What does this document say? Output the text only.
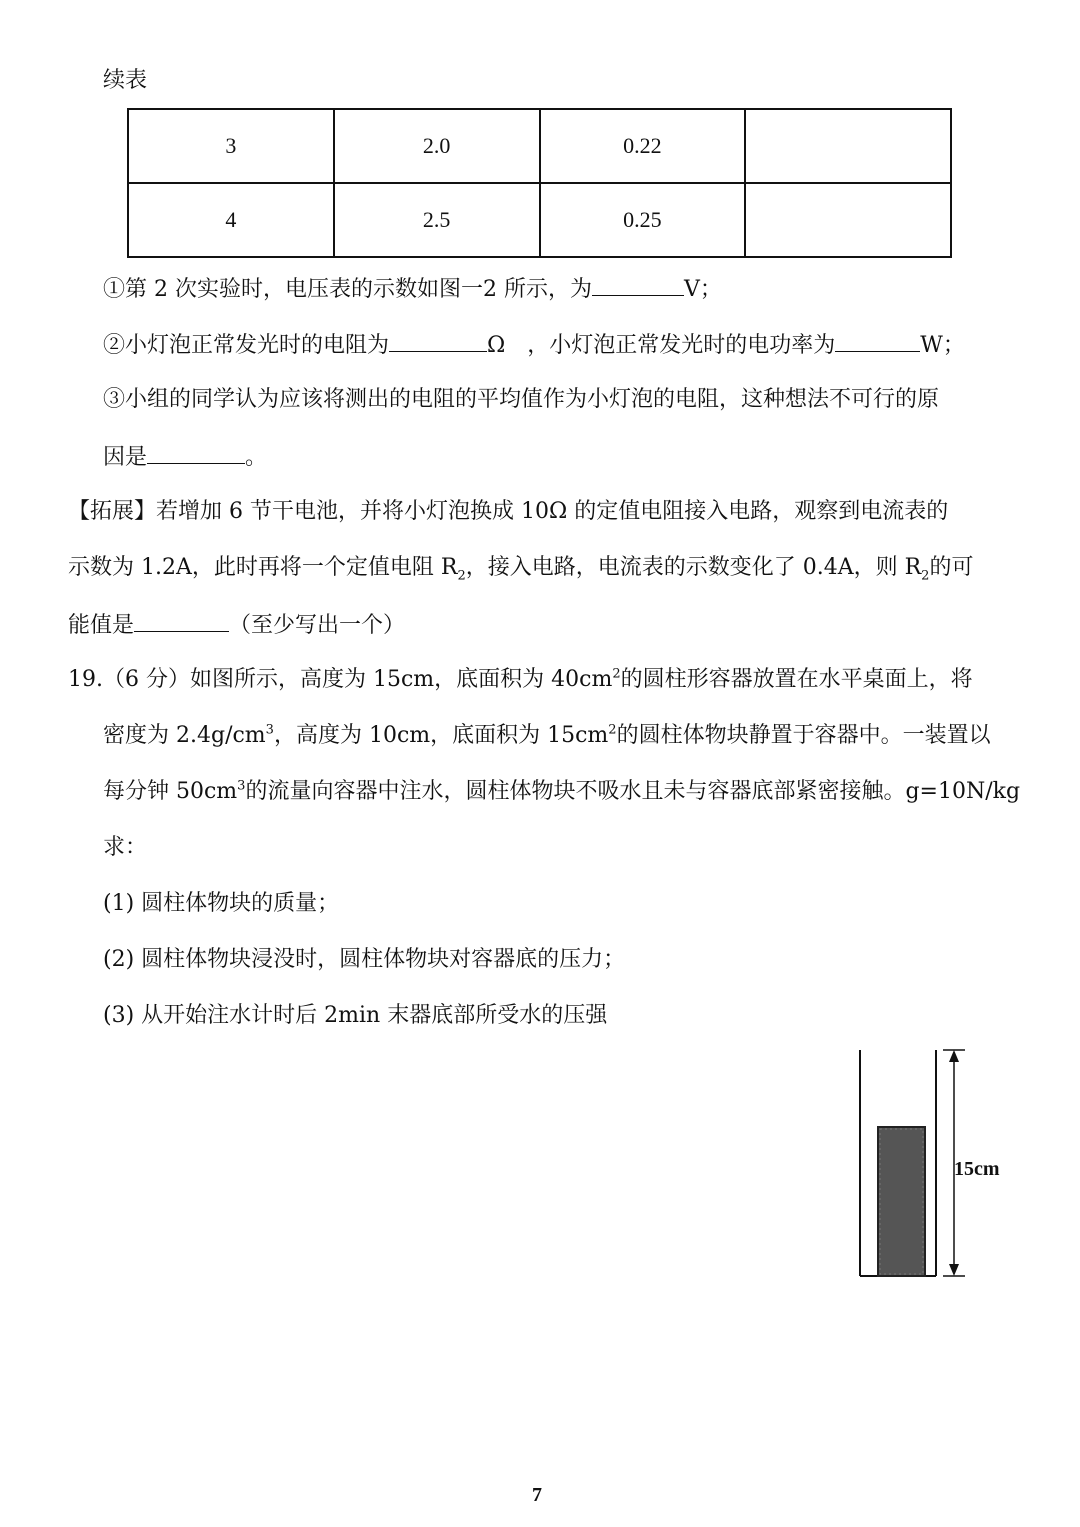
续表
3	2.0	0.22	
4	2.5	0.25	
①第 2 次实验时，电压表的示数如图一2 所示，为	V；
②小灯泡正常发光时的电阻为	Ω　，小灯泡正常发光时的电功率为	W；
③小组的同学认为应该将测出的电阻的平均值作为小灯泡的电阻，这种想法不可行的原
因是	。
【拓展】若增加 6 节干电池，并将小灯泡换成 10Ω 的定值电阻接入电路，观察到电流表的
示数为 1.2A，此时再将一个定值电阻 $R_2$，接入电路，电流表的示数变化了 0.4A，则 $R_2$的可
能值是	（至少写出一个）
19.（6 分）如图所示，高度为 15cm，底面积为 $40cm^2$的圆柱形容器放置在水平桌面上，将
密度为 $2.4g/cm^3$，高度为 10cm，底面积为 $15cm^2$的圆柱体物块静置于容器中。一装置以
每分钟 $50cm^3$的流量向容器中注水，圆柱体物块不吸水且未与容器底部紧密接触。g=10N/kg
求：
(1) 圆柱体物块的质量；
(2) 圆柱体物块浸没时，圆柱体物块对容器底的压力；
(3) 从开始注水计时后 2min 末器底部所受水的压强
15cm
7
